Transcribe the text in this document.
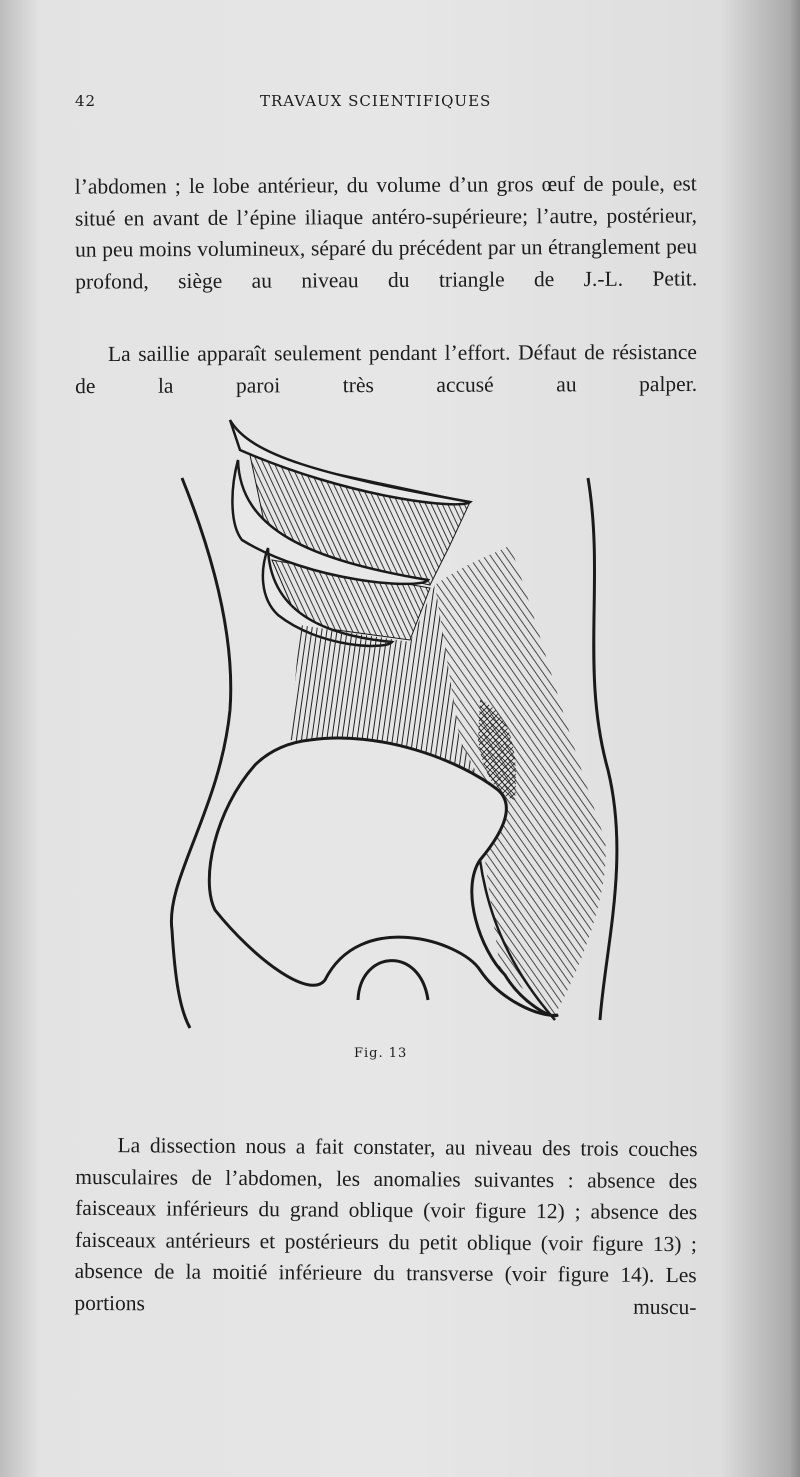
42	TRAVAUX SCIENTIFIQUES

l’abdomen ; le lobe antérieur, du volume d’un gros œuf de poule, est situé en avant de l’épine iliaque antéro-supérieure; l’autre, postérieur, un peu moins volumineux, séparé du précédent par un étranglement peu profond, siège au niveau du triangle de J.-L. Petit.

La saillie apparaît seulement pendant l’effort. Défaut de résistance de la paroi très accusé au palper.

Fig. 13

La dissection nous a fait constater, au niveau des trois couches musculaires de l’abdomen, les anomalies suivantes : absence des faisceaux inférieurs du grand oblique (voir figure 12) ; absence des faisceaux antérieurs et postérieurs du petit oblique (voir figure 13) ; absence de la moitié inférieure du transverse (voir figure 14). Les portions muscu-
